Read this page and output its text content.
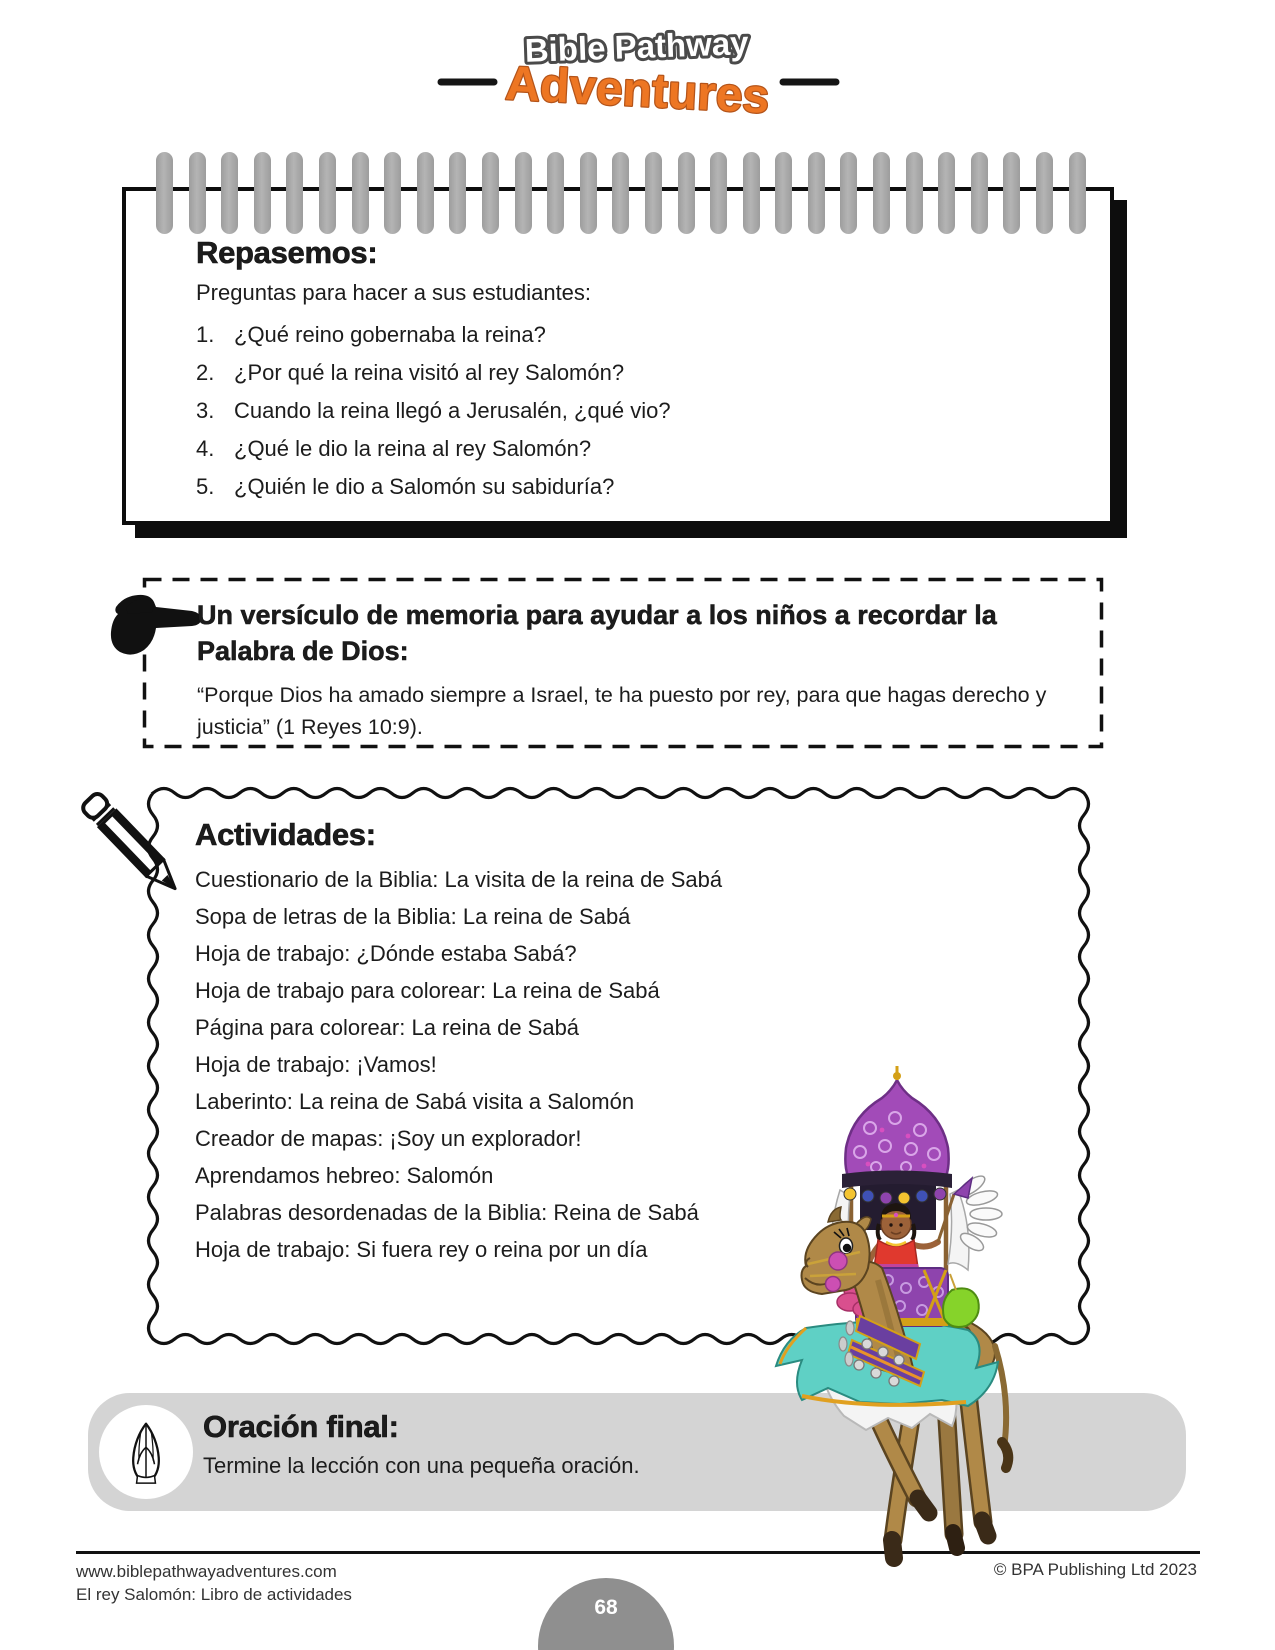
Bible Pathway
Adventures
Repasemos:

Preguntas para hacer a sus estudiantes:

¿Qué reino gobernaba la reina?
¿Por qué la reina visitó al rey Salomón?
Cuando la reina llegó a Jerusalén, ¿qué vio?
¿Qué le dio la reina al rey Salomón?
¿Quién le dio a Salomón su sabiduría?
Un versículo de memoria para ayudar a los niños a recordar la Palabra de Dios:

“Porque Dios ha amado siempre a Israel, te ha puesto por rey, para que hagas derecho y justicia” (1 Reyes 10:9).

Actividades:
Cuestionario de la Biblia: La visita de la reina de Sabá
Sopa de letras de la Biblia: La reina de Sabá
Hoja de trabajo: ¿Dónde estaba Sabá?
Hoja de trabajo para colorear: La reina de Sabá
Página para colorear: La reina de Sabá
Hoja de trabajo: ¡Vamos!
Laberinto: La reina de Sabá visita a Salomón
Creador de mapas: ¡Soy un explorador!
Aprendamos hebreo: Salomón
Palabras desordenadas de la Biblia: Reina de Sabá
Hoja de trabajo: Si fuera rey o reina por un día
Oración final:

Termine la lección con una pequeña oración.

www.biblepathwayadventures.com
El rey Salomón: Libro de actividades
© BPA Publishing Ltd 2023
68
